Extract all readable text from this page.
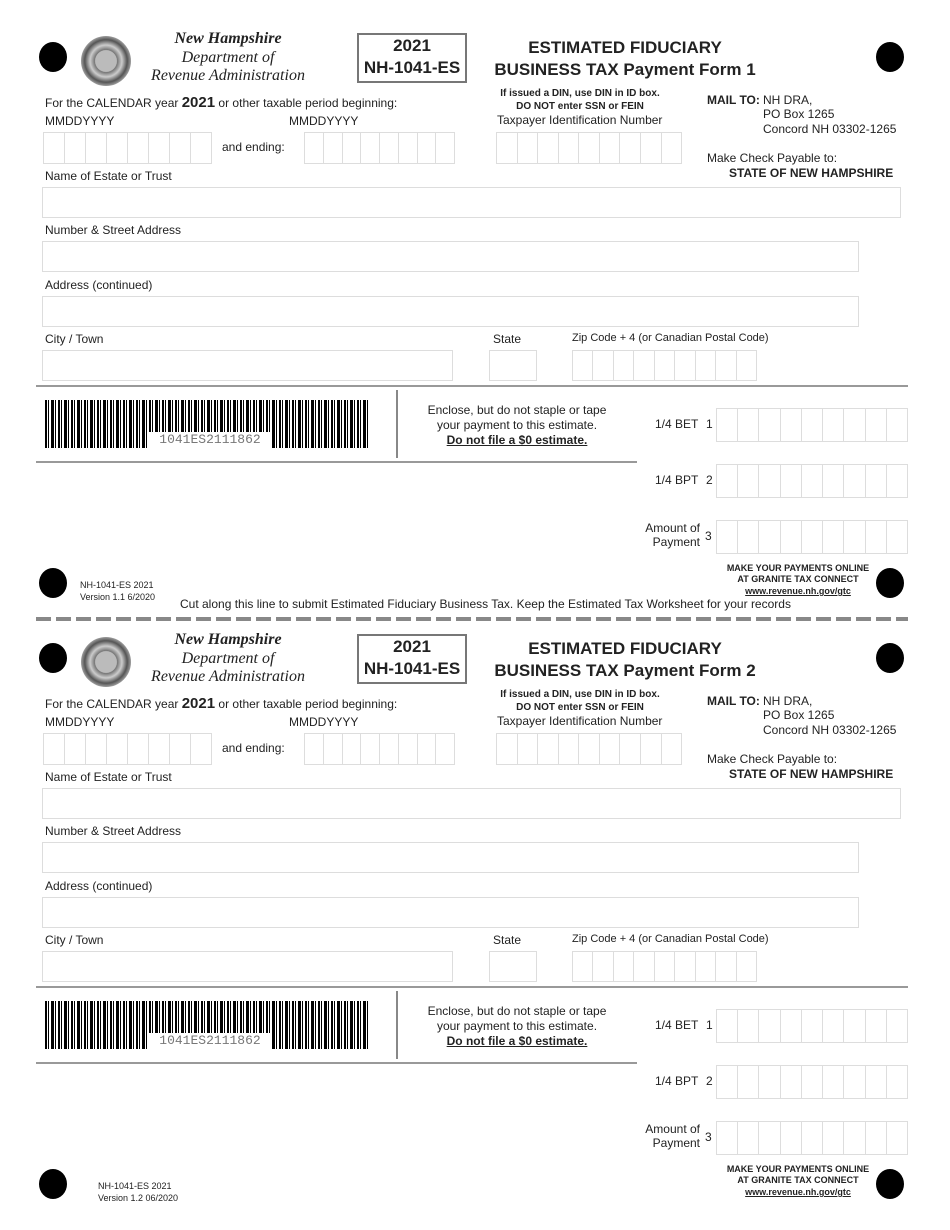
Cut along this line to submit Estimated Fiduciary Business Tax. Keep the Estimated Tax Worksheet for your records
New Hampshire
Department of
Revenue Administration
2021
NH-1041-ES
ESTIMATED FIDUCIARY
BUSINESS TAX Payment Form 1
For the CALENDAR year 2021 or other taxable period beginning:
MMDDYYYY	MMDDYYYY
and ending:
If issued a DIN, use DIN in ID box.
DO NOT enter SSN or FEIN
Taxpayer Identification Number
MAIL TO: NH DRA,
PO Box 1265
Concord NH 03302-1265
Make Check Payable to:
STATE OF NEW HAMPSHIRE
Name of Estate or Trust
Number & Street Address
Address (continued)
City / Town	State	Zip Code + 4 (or Canadian Postal Code)
1041ES2111862
Enclose, but do not staple or tape
your payment to this estimate.
Do not file a $0 estimate.
1/4 BET 1
1/4 BPT 2
Amount of
Payment 3
NH-1041-ES 2021
Version 1.1 6/2020
MAKE YOUR PAYMENTS ONLINE
AT GRANITE TAX CONNECT
www.revenue.nh.gov/gtc
New Hampshire
Department of
Revenue Administration
2021
NH-1041-ES
ESTIMATED FIDUCIARY
BUSINESS TAX Payment Form 2
For the CALENDAR year 2021 or other taxable period beginning:
MMDDYYYY	MMDDYYYY
and ending:
If issued a DIN, use DIN in ID box.
DO NOT enter SSN or FEIN
Taxpayer Identification Number
MAIL TO: NH DRA,
PO Box 1265
Concord NH 03302-1265
Make Check Payable to:
STATE OF NEW HAMPSHIRE
Name of Estate or Trust
Number & Street Address
Address (continued)
City / Town	State	Zip Code + 4 (or Canadian Postal Code)
1041ES2111862
Enclose, but do not staple or tape
your payment to this estimate.
Do not file a $0 estimate.
1/4 BET 1
1/4 BPT 2
Amount of
Payment 3
NH-1041-ES 2021
Version 1.2 06/2020
MAKE YOUR PAYMENTS ONLINE
AT GRANITE TAX CONNECT
www.revenue.nh.gov/gtc
